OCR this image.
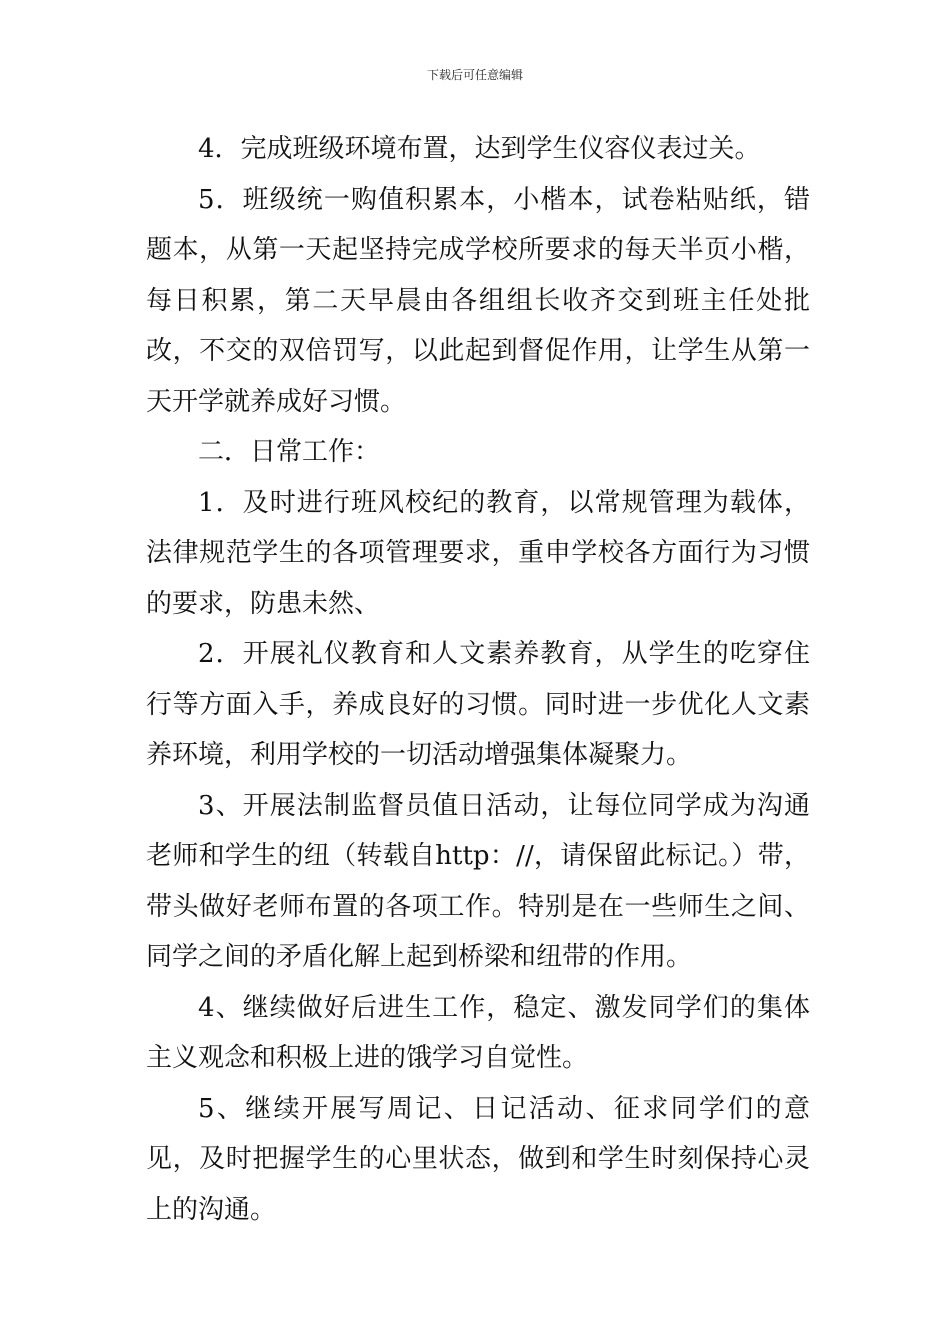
下载后可任意编辑

4．完成班级环境布置，达到学生仪容仪表过关。

5．班级统一购值积累本，小楷本，试卷粘贴纸，错题本，从第一天起坚持完成学校所要求的每天半页小楷，每日积累，第二天早晨由各组组长收齐交到班主任处批改，不交的双倍罚写，以此起到督促作用，让学生从第一天开学就养成好习惯。

二．日常工作：

1．及时进行班风校纪的教育，以常规管理为载体，法律规范学生的各项管理要求，重申学校各方面行为习惯的要求，防患未然、

2．开展礼仪教育和人文素养教育，从学生的吃穿住行等方面入手，养成良好的习惯。同时进一步优化人文素养环境，利用学校的一切活动增强集体凝聚力。

3、开展法制监督员值日活动，让每位同学成为沟通老师和学生的纽（转载自http：//，请保留此标记。）带，带头做好老师布置的各项工作。特别是在一些师生之间、同学之间的矛盾化解上起到桥梁和纽带的作用。

4、继续做好后进生工作，稳定、激发同学们的集体主义观念和积极上进的饿学习自觉性。

5、继续开展写周记、日记活动、征求同学们的意见，及时把握学生的心里状态，做到和学生时刻保持心灵上的沟通。
